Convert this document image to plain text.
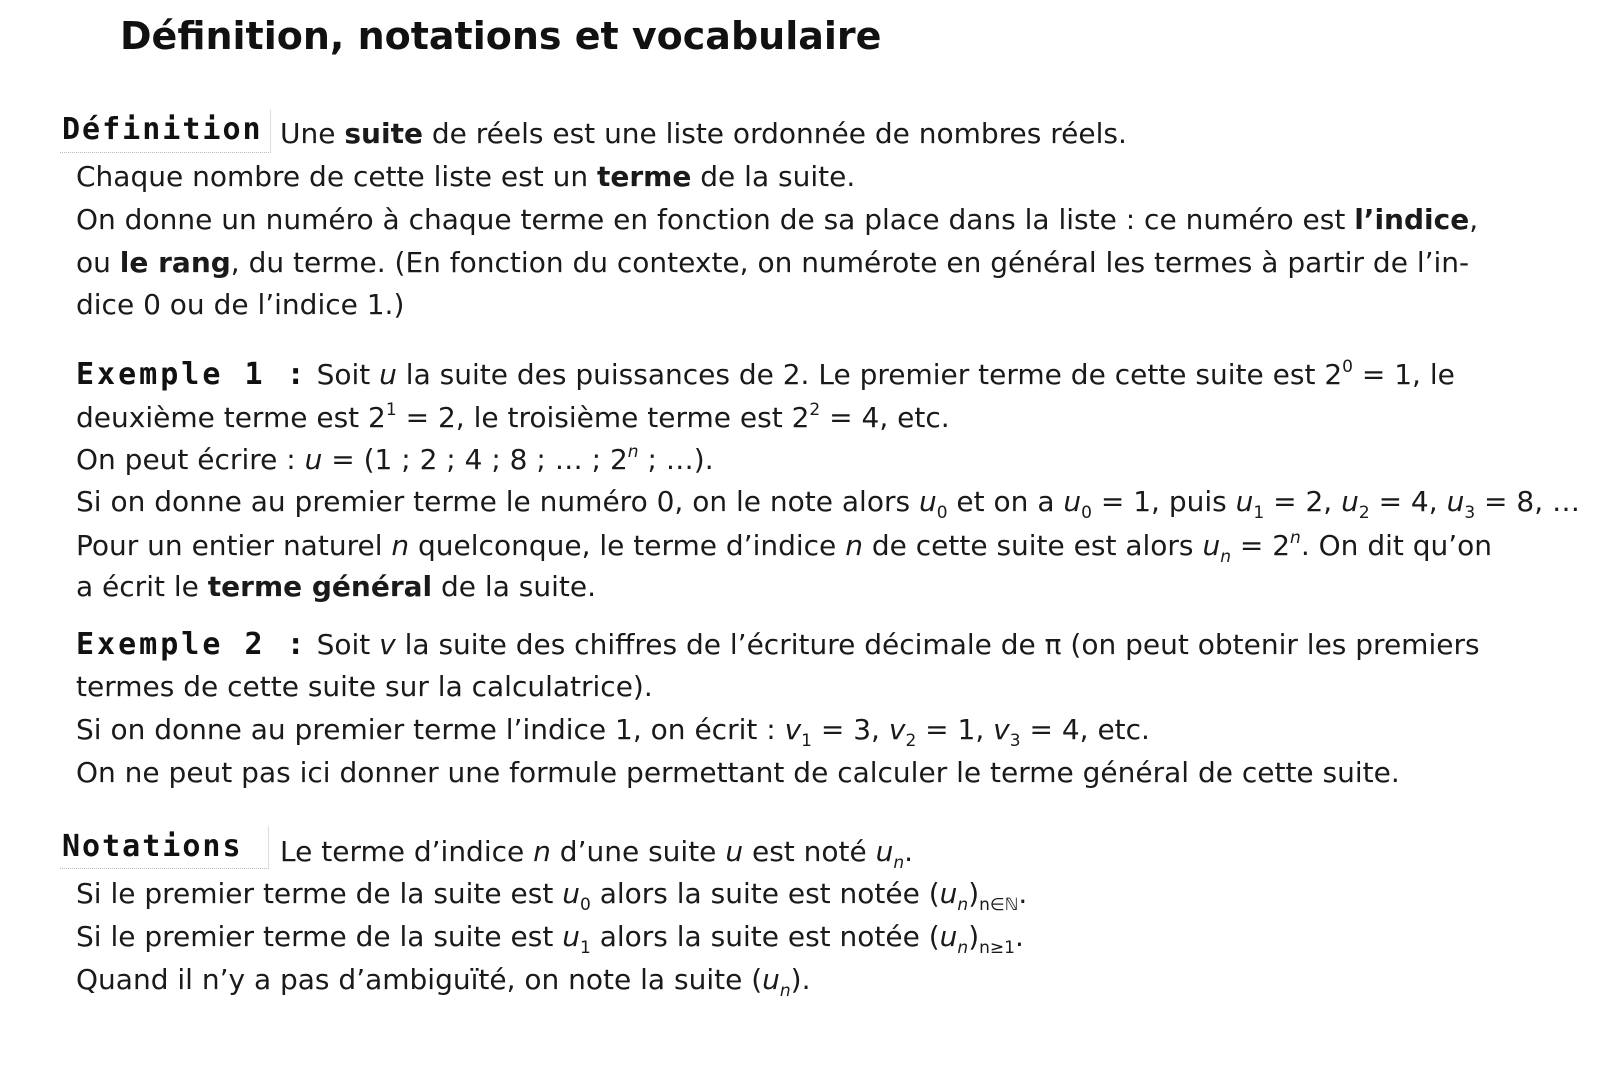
Définition, notations et vocabulaire
Définition Une suite de réels est une liste ordonnée de nombres réels.
Chaque nombre de cette liste est un terme de la suite.
On donne un numéro à chaque terme en fonction de sa place dans la liste : ce numéro est l’indice,
ou le rang, du terme. (En fonction du contexte, on numérote en général les termes à partir de l’in-
dice 0 ou de l’indice 1.)
Exemple 1 : Soit u la suite des puissances de 2. Le premier terme de cette suite est $2^0 = 1$, le
deuxième terme est $2^1 = 2$, le troisième terme est $2^2 = 4$, etc.
On peut écrire : u = (1 ; 2 ; 4 ; 8 ; … ; 2$^n$ ; …).
Si on donne au premier terme le numéro 0, on le note alors $u_0$ et on a $u_0 = 1$, puis $u_1 = 2$, $u_2 = 4$, $u_3 = 8$, …
Pour un entier naturel n quelconque, le terme d’indice n de cette suite est alors $u_n = 2^n$. On dit qu’on
a écrit le terme général de la suite.
Exemple 2 : Soit v la suite des chiffres de l’écriture décimale de π (on peut obtenir les premiers
termes de cette suite sur la calculatrice).
Si on donne au premier terme l’indice 1, on écrit : $v_1 = 3$, $v_2 = 1$, $v_3 = 4$, etc.
On ne peut pas ici donner une formule permettant de calculer le terme général de cette suite.
Notations Le terme d’indice n d’une suite u est noté $u_n$.
Si le premier terme de la suite est $u_0$ alors la suite est notée $(u_n)_{n\in ℕ}$.
Si le premier terme de la suite est $u_1$ alors la suite est notée $(u_n)_{n\ge 1}$.
Quand il n’y a pas d’ambiguïté, on note la suite $(u_n)$.
